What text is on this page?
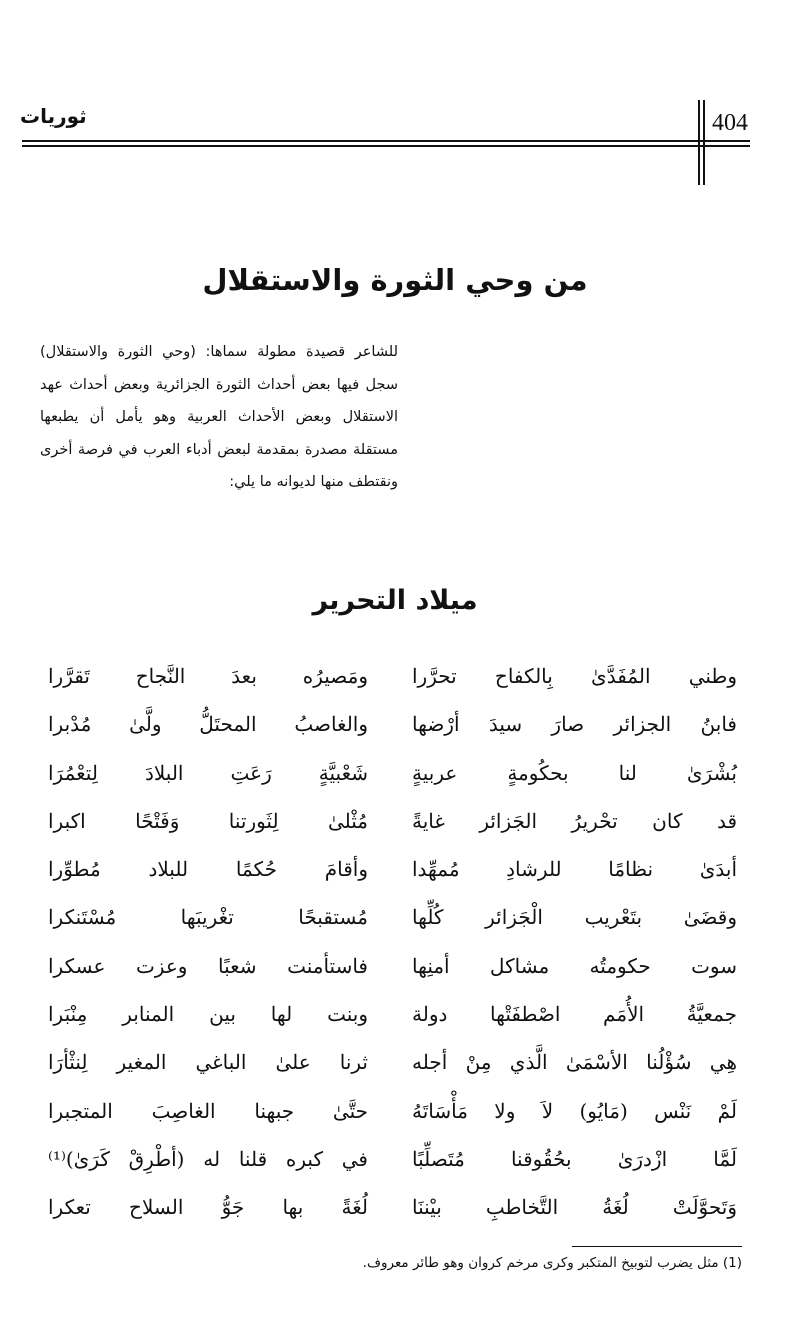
404
ثوريات
من وحي الثورة والاستقلال
للشاعر قصيدة مطولة سماها: (وحي الثورة والاستقلال) سجل فيها بعض أحداث الثورة الجزائرية وبعض أحداث عهد الاستقلال وبعض الأحداث العربية وهو يأمل أن يطبعها مستقلة مصدرة بمقدمة لبعض أدباء العرب في فرصة أخرى ونقتطف منها لديوانه ما يلي:
ميلاد التحرير
وطني المُفَدَّىٰ بِالكفاح تحرَّرا
ومَصيرُه بعدَ النَّجاح تَقرَّرا
فابنُ الجزائر صارَ سيدَ أرْضها
والغاصبُ المحتَلُّ ولَّىٰ مُدْبرا
بُشْرَىٰ لنا بحكُومةٍ عربيةٍ
شَعْبيَّةٍ رَعَتِ البلادَ لِتعْمُرَا
قد كان تحْريرُ الجَزائر غايةً
مُثْلىٰ لِثَورتنا وَفَتْحًا اكبرا
أبدَىٰ نظامًا للرشادِ مُمهِّدا
وأقامَ حُكمًا للبلاد مُطوِّرا
وقضَىٰ بتَعْريب الْجَزائر كُلِّها
مُستقبحًا تغْريبَها مُسْتَنكرا
سوت حكومتُه مشاكل أمنِها
فاستأمنت شعبًا وعزت عسكرا
جمعيَّةُ الأُمَم اصْطفَتْها دولة
وبنت لها بين المنابر مِنْبَرا
هِي سُؤْلُنا الأسْمَىٰ الَّذي مِنْ أجله
ثرنا علىٰ الباغي المغير لِنثْأرَا
لَمْ نَنْس (مَايُو) لاَ ولا مَأْسَاتَهُ
حتَّىٰ جبهنا الغاصِبَ المتجبرا
لَمَّا ازْدرَىٰ بحُقُوقنا مُتَصلِّبًا
في كبره قلنا له (أطْرِقْ كَرَىٰ)⁽¹⁾
وَتَحوَّلَتْ لُغَةُ التَّخاطبِ بيْننَا
لُغَةً بها جَوُّ السلاح تعكرا
(1) مثل يضرب لتوبيخ المتكبر وكرى مرخم كروان وهو طائر معروف.
